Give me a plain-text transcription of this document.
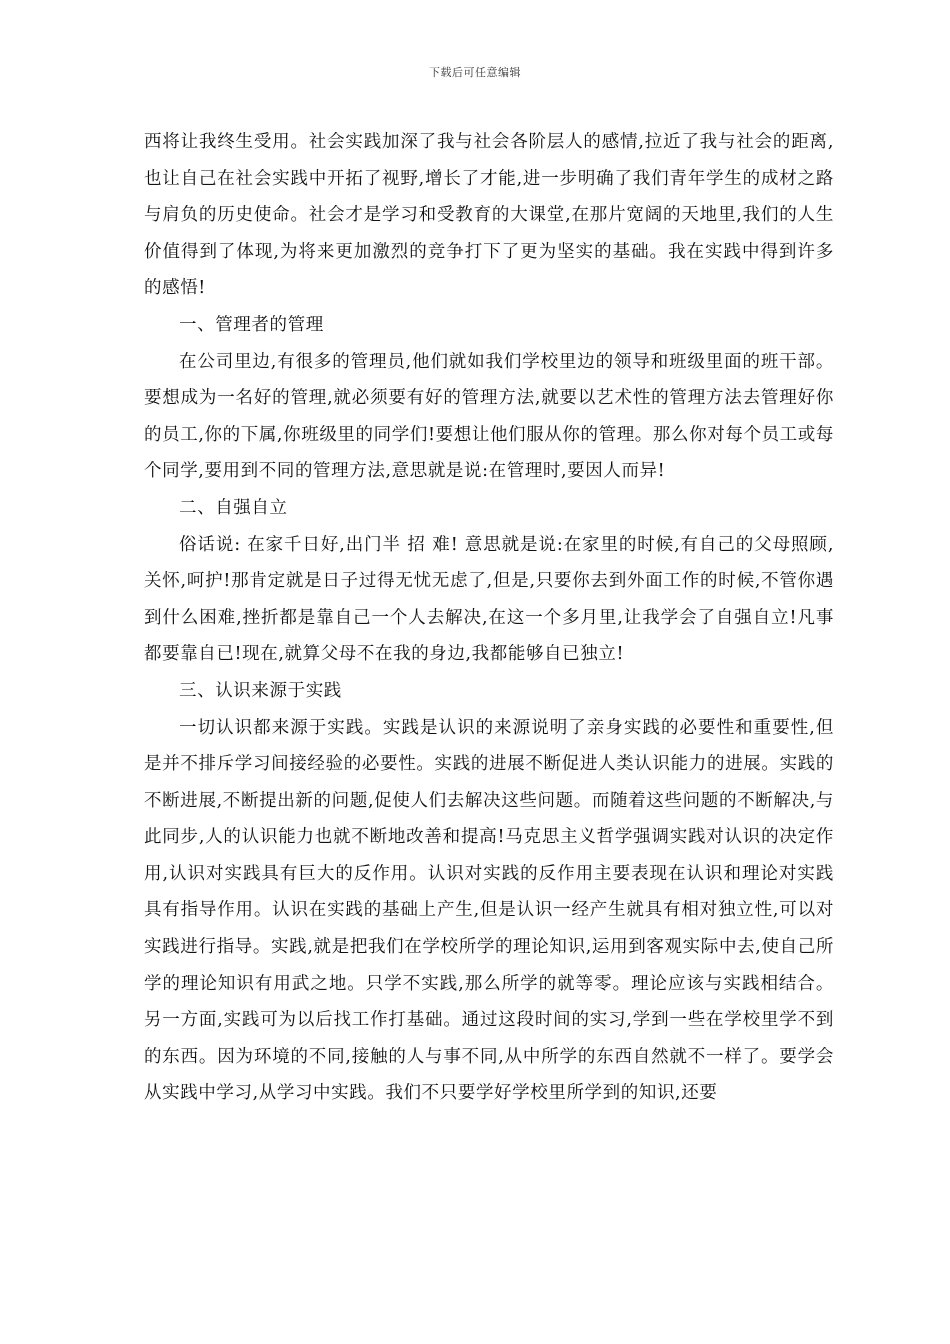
下载后可任意编辑

西将让我终生受用。社会实践加深了我与社会各阶层人的感情,拉近了我与社会的距离,也让自己在社会实践中开拓了视野,增长了才能,进一步明确了我们青年学生的成材之路与肩负的历史使命。社会才是学习和受教育的大课堂,在那片宽阔的天地里,我们的人生价值得到了体现,为将来更加激烈的竞争打下了更为坚实的基础。我在实践中得到许多的感悟!

一、管理者的管理

在公司里边,有很多的管理员,他们就如我们学校里边的领导和班级里面的班干部。要想成为一名好的管理,就必须要有好的管理方法,就要以艺术性的管理方法去管理好你的员工,你的下属,你班级里的同学们!要想让他们服从你的管理。那么你对每个员工或每个同学,要用到不同的管理方法,意思就是说:在管理时,要因人而异!

二、自强自立

俗话说: 在家千日好,出门半 招 难! 意思就是说:在家里的时候,有自己的父母照顾,关怀,呵护!那肯定就是日子过得无忧无虑了,但是,只要你去到外面工作的时候,不管你遇到什么困难,挫折都是靠自己一个人去解决,在这一个多月里,让我学会了自强自立!凡事都要靠自已!现在,就算父母不在我的身边,我都能够自已独立!

三、认识来源于实践

一切认识都来源于实践。实践是认识的来源说明了亲身实践的必要性和重要性,但是并不排斥学习间接经验的必要性。实践的进展不断促进人类认识能力的进展。实践的不断进展,不断提出新的问题,促使人们去解决这些问题。而随着这些问题的不断解决,与此同步,人的认识能力也就不断地改善和提高!马克思主义哲学强调实践对认识的决定作用,认识对实践具有巨大的反作用。认识对实践的反作用主要表现在认识和理论对实践具有指导作用。认识在实践的基础上产生,但是认识一经产生就具有相对独立性,可以对实践进行指导。实践,就是把我们在学校所学的理论知识,运用到客观实际中去,使自己所学的理论知识有用武之地。只学不实践,那么所学的就等零。理论应该与实践相结合。另一方面,实践可为以后找工作打基础。通过这段时间的实习,学到一些在学校里学不到的东西。因为环境的不同,接触的人与事不同,从中所学的东西自然就不一样了。要学会从实践中学习,从学习中实践。我们不只要学好学校里所学到的知识,还要
